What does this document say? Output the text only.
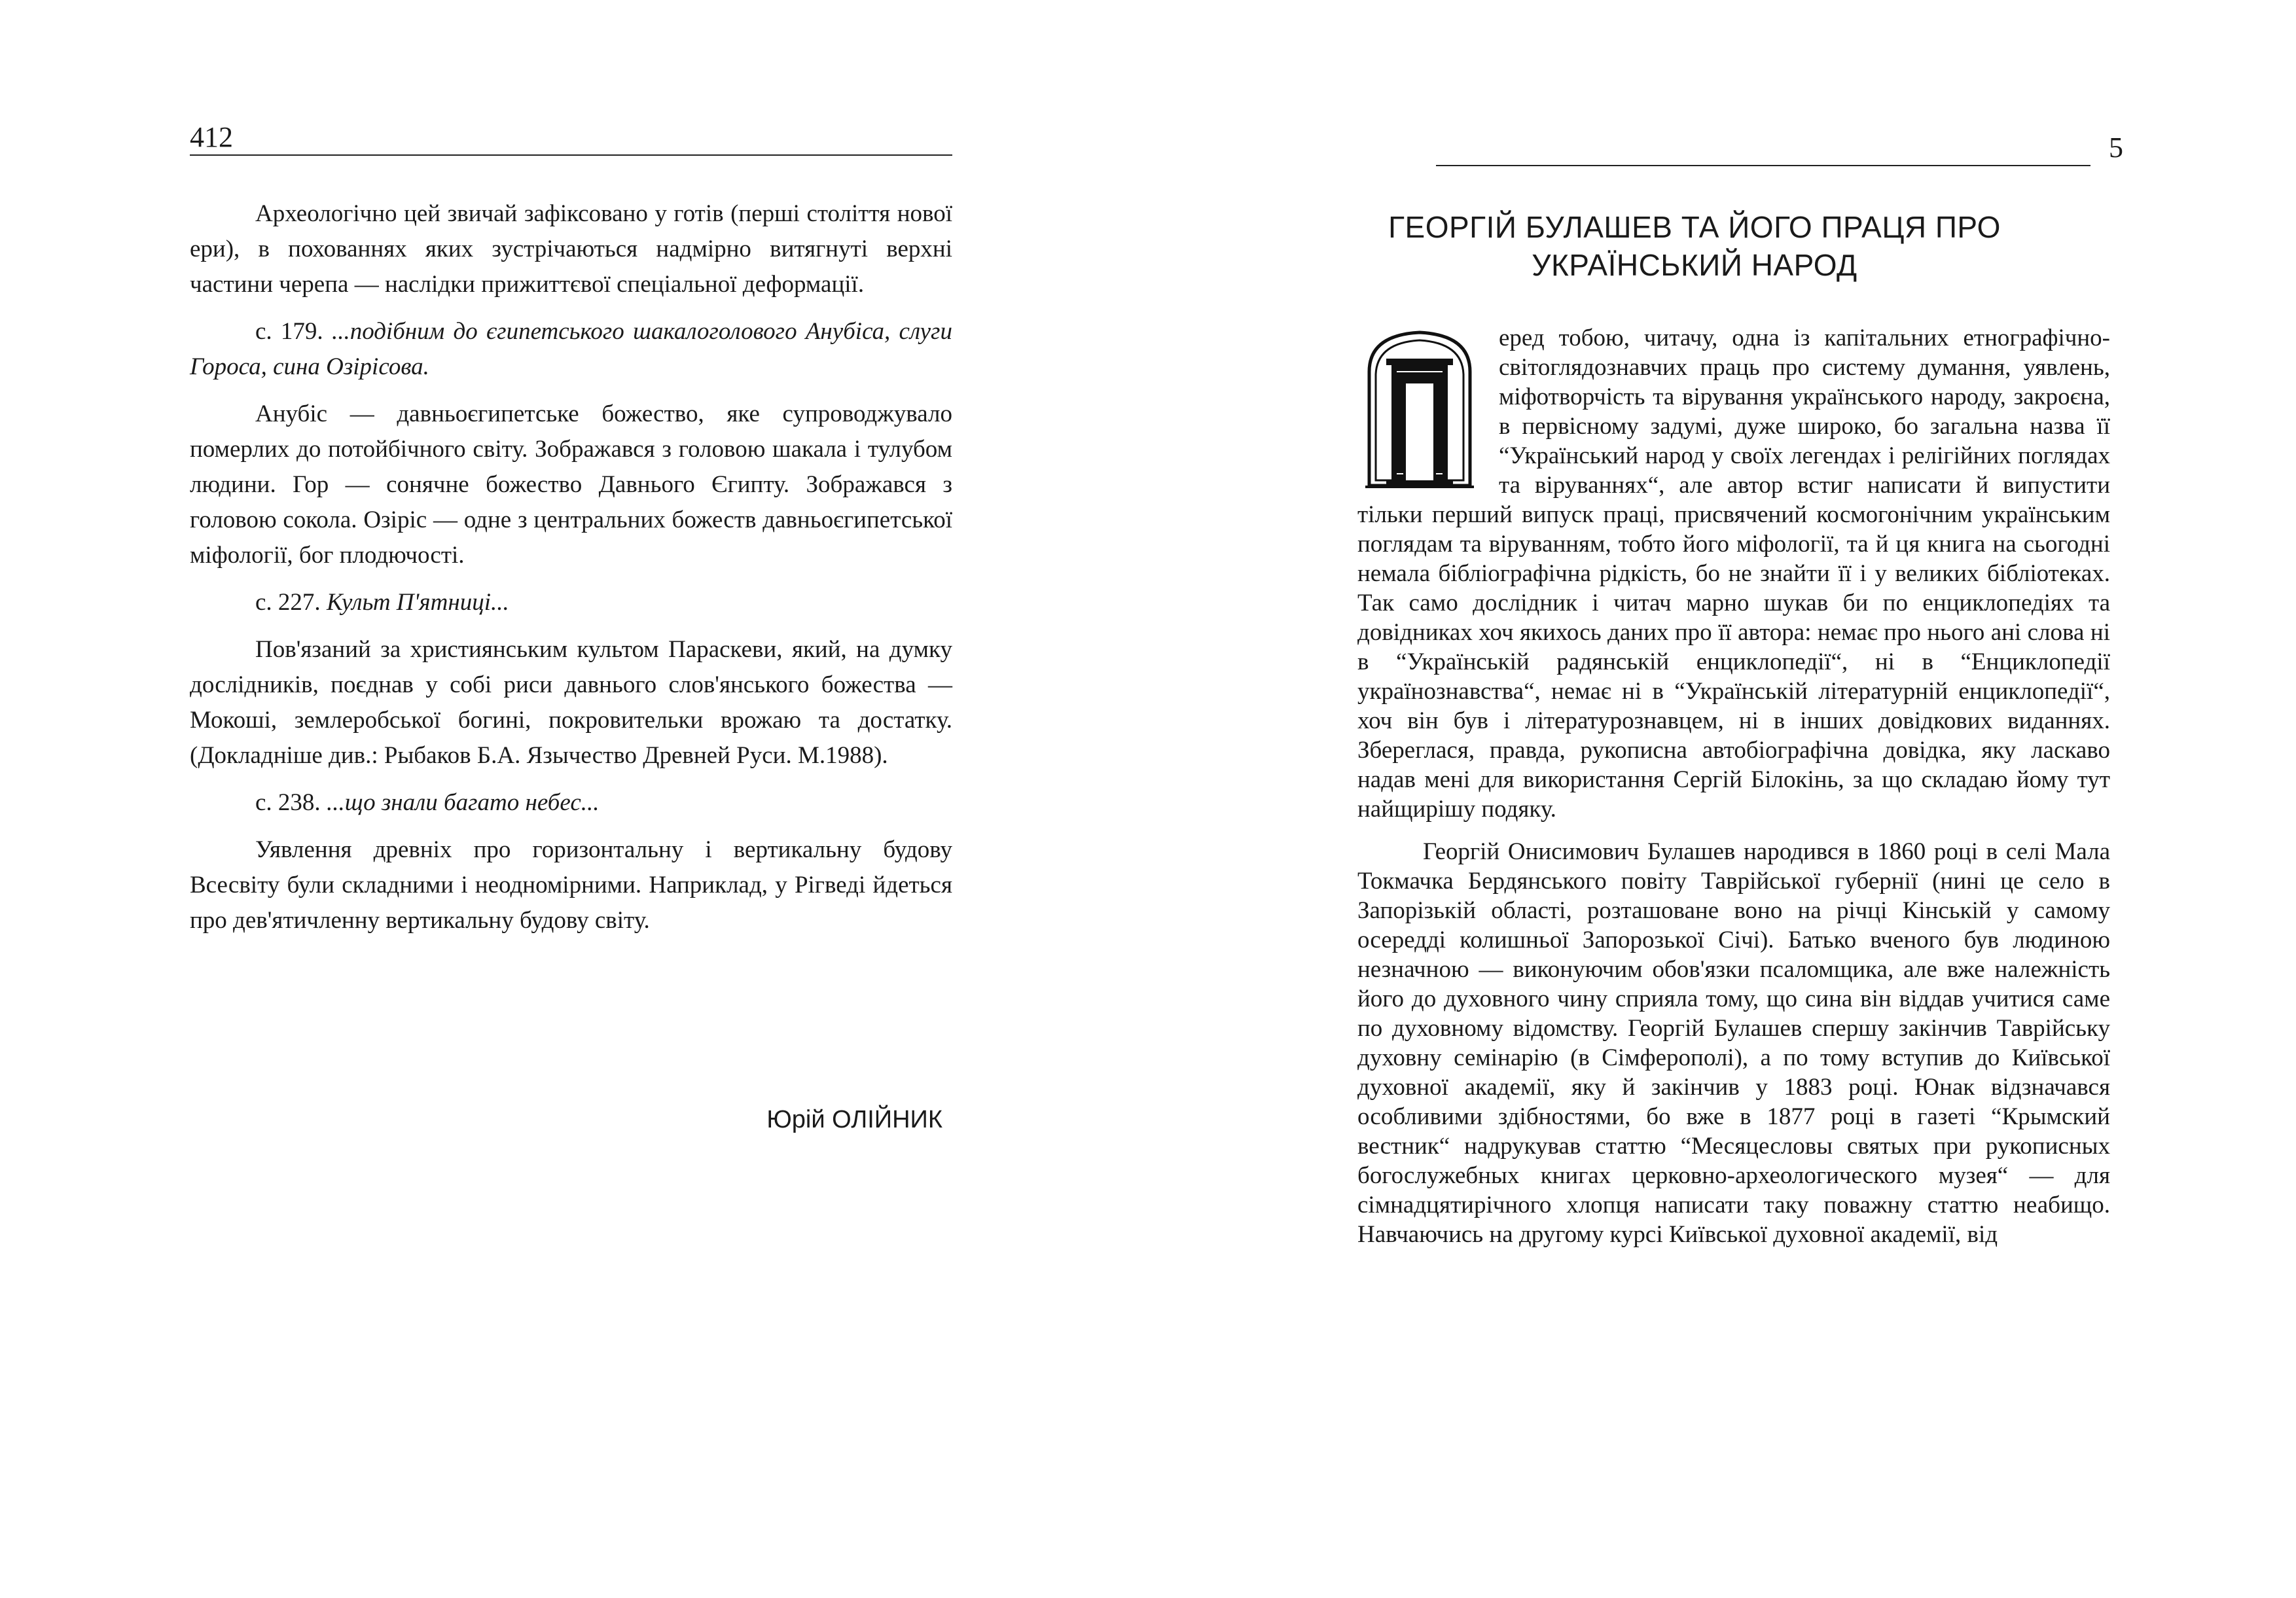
412

Археологічно цей звичай зафіксовано у готів (перші століття нової ери), в похованнях яких зустрічаються надмірно витягнуті верхні частини черепа — наслідки прижиттєвої спеціальної деформації.

с. 179. ...подібним до єгипетського шакалоголового Анубіса, слуги Гороса, сина Озірісова.

Анубіс — давньоєгипетське божество, яке супроводжувало померлих до потойбічного світу. Зображався з головою шакала і тулубом людини. Гор — сонячне божество Давнього Єгипту. Зображався з головою сокола. Озіріс — одне з центральних божеств давньоєгипетської міфології, бог плодючості.

с. 227. Культ П'ятниці...

Пов'язаний за християнським культом Параскеви, який, на думку дослідників, поєднав у собі риси давнього слов'янського божества — Мокоші, землеробської богині, покровительки врожаю та достатку. (Докладніше див.: Рыбаков Б.А. Язычество Древней Руси. М.1988).

с. 238. ...що знали багато небес...

Уявлення древніх про горизонтальну і вертикальну будову Всесвіту були складними і неодномірними. Наприклад, у Рігведі йдеться про дев'ятичленну вертикальну будову світу.

Юрій ОЛІЙНИК
5
ГЕОРГІЙ БУЛАШЕВ ТА ЙОГО ПРАЦЯ ПРО УКРАЇНСЬКИЙ НАРОД

еред тобою, читачу, одна із капітальних етнографічно-світоглядознавчих праць про систему думання, уявлень, міфотворчість та вірування українського народу, закроєна, в первісному задумі, дуже широко, бо загальна назва її “Український народ у своїх легендах і релігійних поглядах та віруваннях“, але автор встиг написати й випустити тільки перший випуск праці, присвячений космогонічним українським поглядам та віруванням, тобто його міфології, та й ця книга на сьогодні немала бібліографічна рідкість, бо не знайти її і у великих бібліотеках. Так само дослідник і читач марно шукав би по енциклопедіях та довідниках хоч якихось даних про її автора: немає про нього ані слова ні в “Українській радянській енциклопедії“, ні в “Енциклопедії українознавства“, немає ні в “Українській літературній енциклопедії“, хоч він був і літературознавцем, ні в інших довідкових виданнях. Збереглася, правда, рукописна автобіографічна довідка, яку ласкаво надав мені для використання Сергій Білокінь, за що складаю йому тут найщирішу подяку.

Георгій Онисимович Булашев народився в 1860 році в селі Мала Токмачка Бердянського повіту Таврійської губернії (нині це село в Запорізькій області, розташоване воно на річці Кінській у самому осередді колишньої Запорозької Січі). Батько вченого був людиною незначною — виконуючим обов'язки псаломщика, але вже належність його до духовного чину сприяла тому, що сина він віддав учитися саме по духовному відомству. Георгій Булашев спершу закінчив Таврійську духовну семінарію (в Сімферополі), а по тому вступив до Київської духовної академії, яку й закінчив у 1883 році. Юнак відзначався особливими здібностями, бо вже в 1877 році в газеті “Крымский вестник“ надрукував статтю “Месяцесловы святых при рукописных богослужебных книгах церковно-археологического музея“ — для сімнадцятирічного хлопця написати таку поважну статтю неабищо. Навчаючись на другому курсі Київської духовної академії, від
